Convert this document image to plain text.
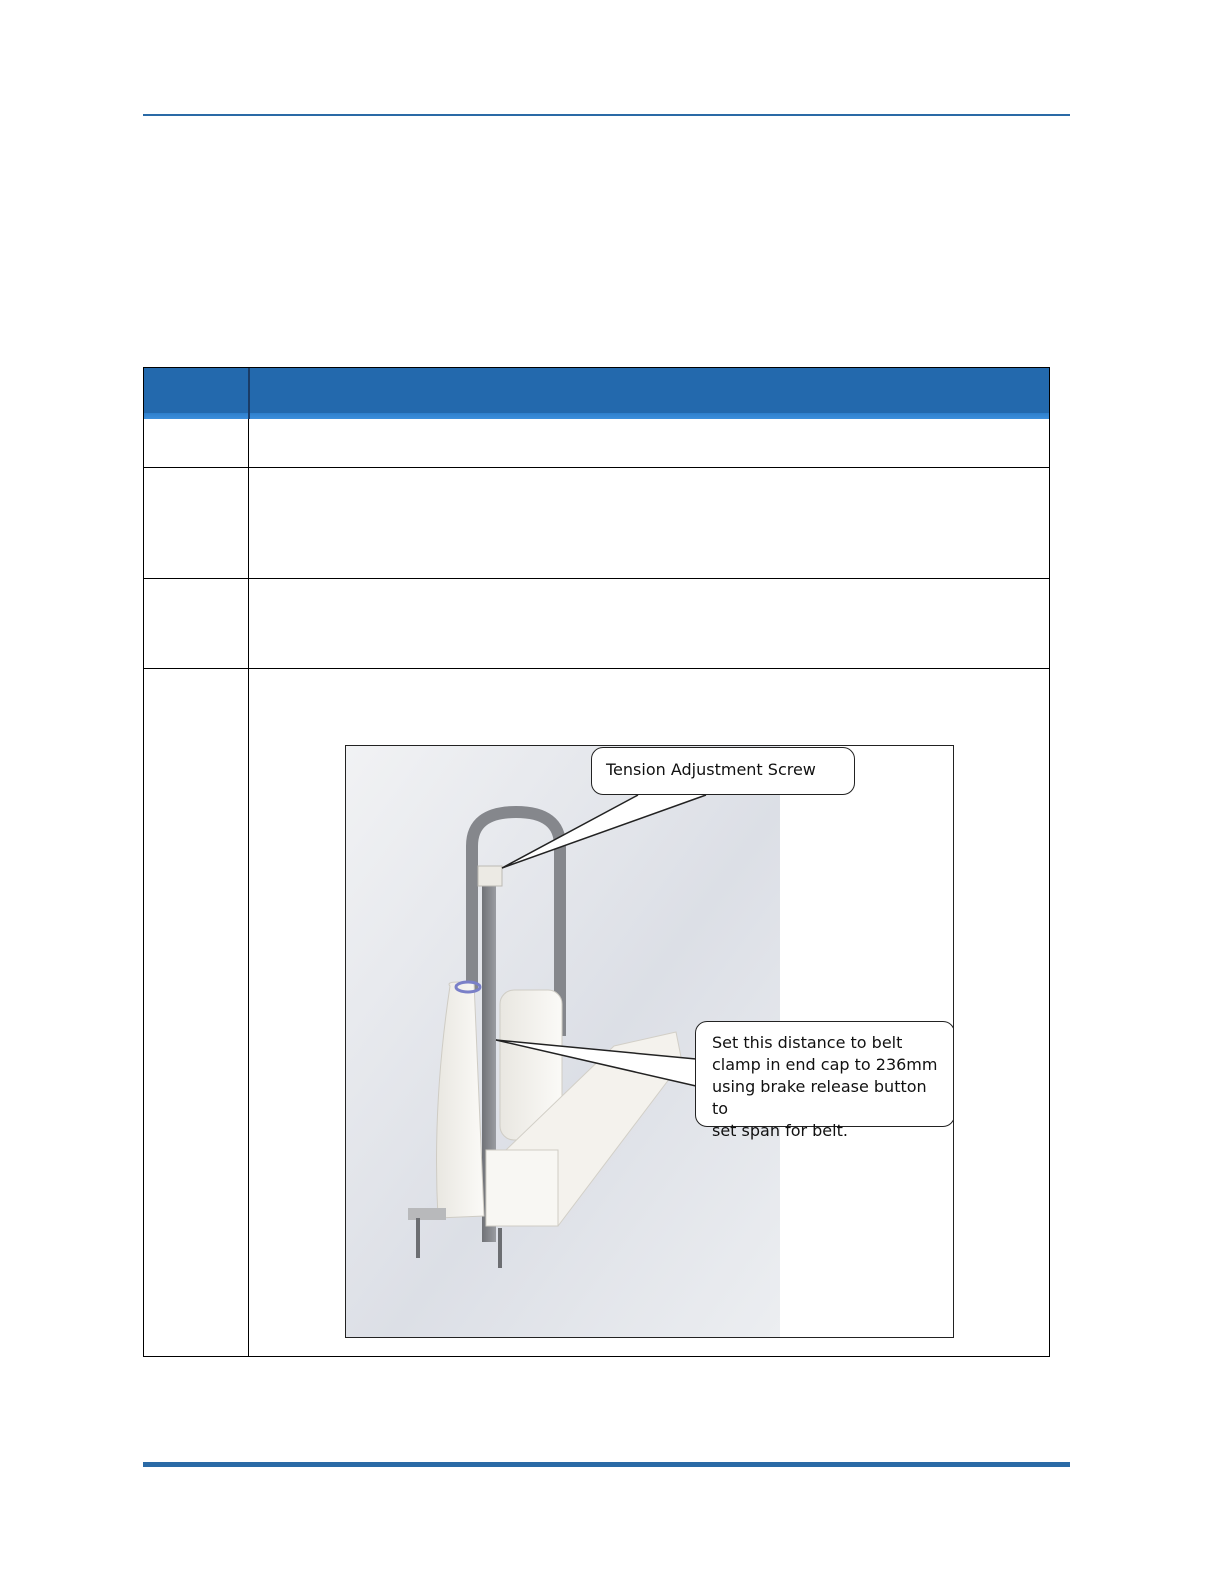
Tension Adjustment Screw
Set this distance to belt
clamp in end cap to 236mm
using brake release button to
set span for belt.
